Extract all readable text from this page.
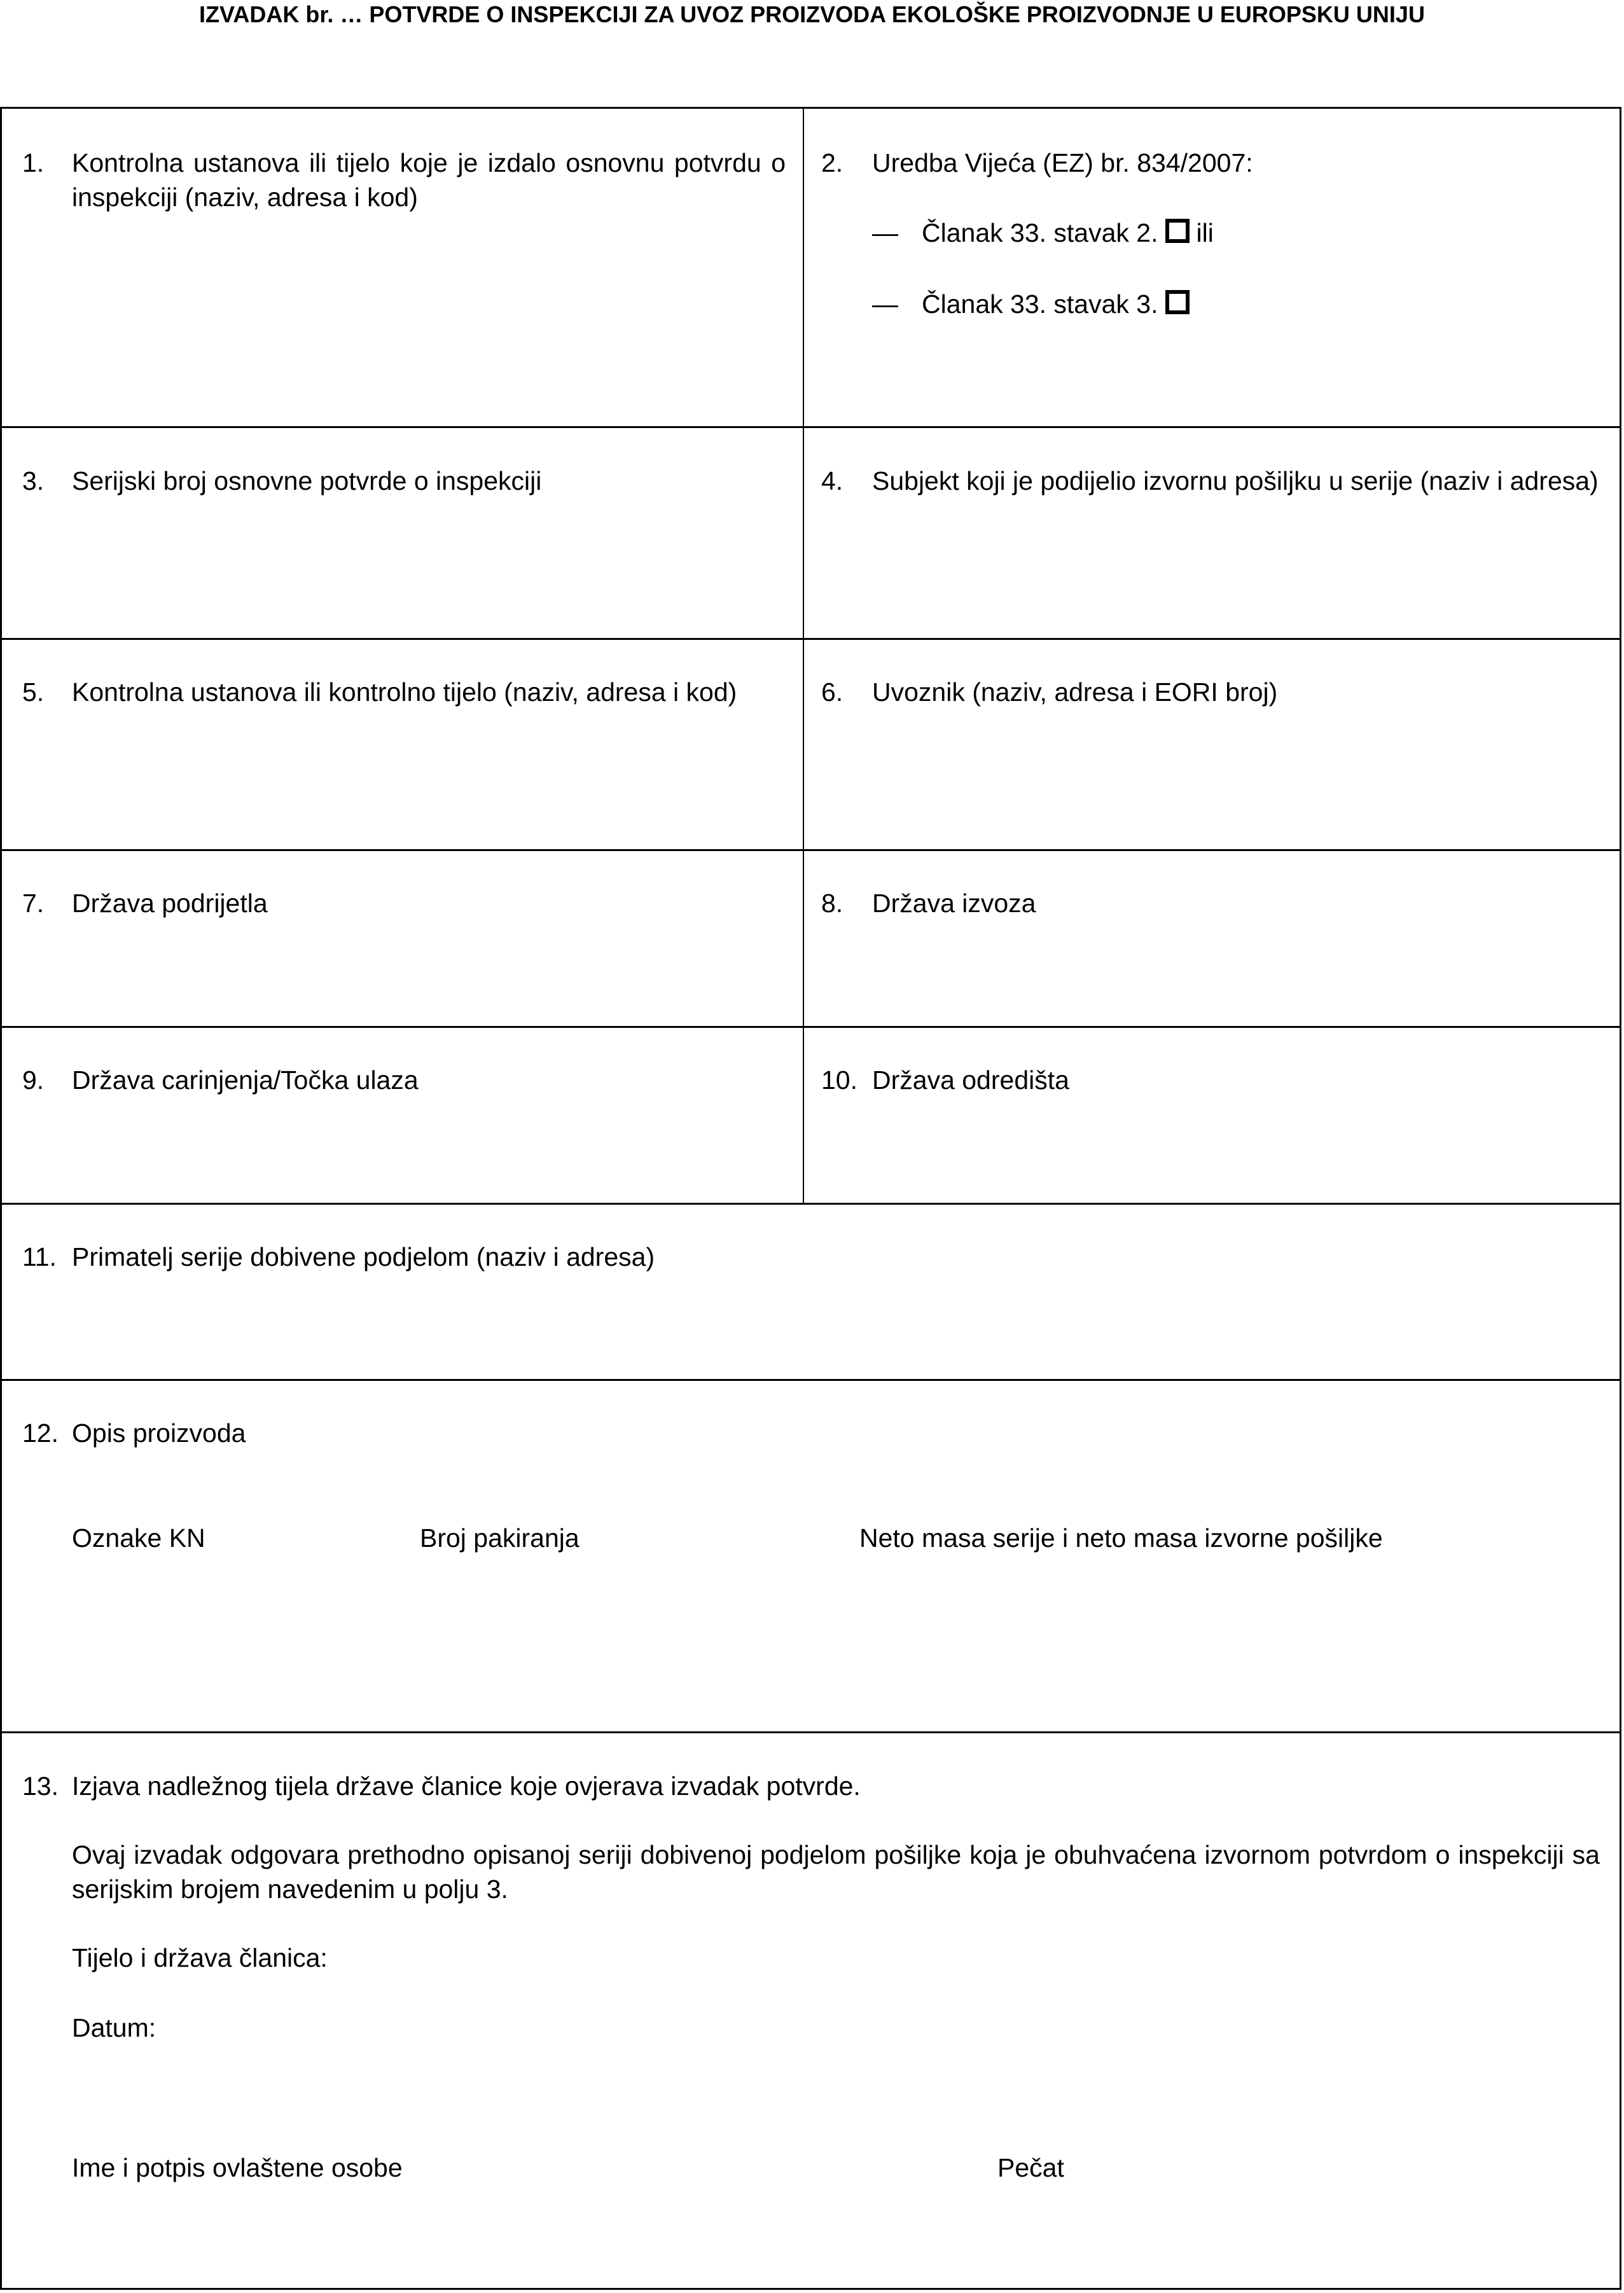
IZVADAK br. … POTVRDE O INSPEKCIJI ZA UVOZ PROIZVODA EKOLOŠKE PROIZVODNJE U EUROPSKU UNIJU
1. Kontrolna ustanova ili tijelo koje je izdalo osnovnu potvrdu o inspekciji (naziv, adresa i kod)
2. Uredba Vijeća (EZ) br. 834/2007:
— Članak 33. stavak 2. ili
— Članak 33. stavak 3.
3. Serijski broj osnovne potvrde o inspekciji	4. Subjekt koji je podijelio izvornu pošiljku u serije (naziv i adresa)
5. Kontrolna ustanova ili kontrolno tijelo (naziv, adresa i kod)	6. Uvoznik (naziv, adresa i EORI broj)
7. Država podrijetla	8. Država izvoza
9. Država carinjenja/Točka ulaza	10. Država odredišta
11. Primatelj serije dobivene podjelom (naziv i adresa)
12. Opis proizvoda
Oznake KN	Broj pakiranja	Neto masa serije i neto masa izvorne pošiljke
13. Izjava nadležnog tijela države članice koje ovjerava izvadak potvrde.
Ovaj izvadak odgovara prethodno opisanoj seriji dobivenoj podjelom pošiljke koja je obuhvaćena izvornom potvrdom o inspekciji sa serijskim brojem navedenim u polju 3.
Tijelo i država članica:
Datum:
Ime i potpis ovlaštene osobe	Pečat
